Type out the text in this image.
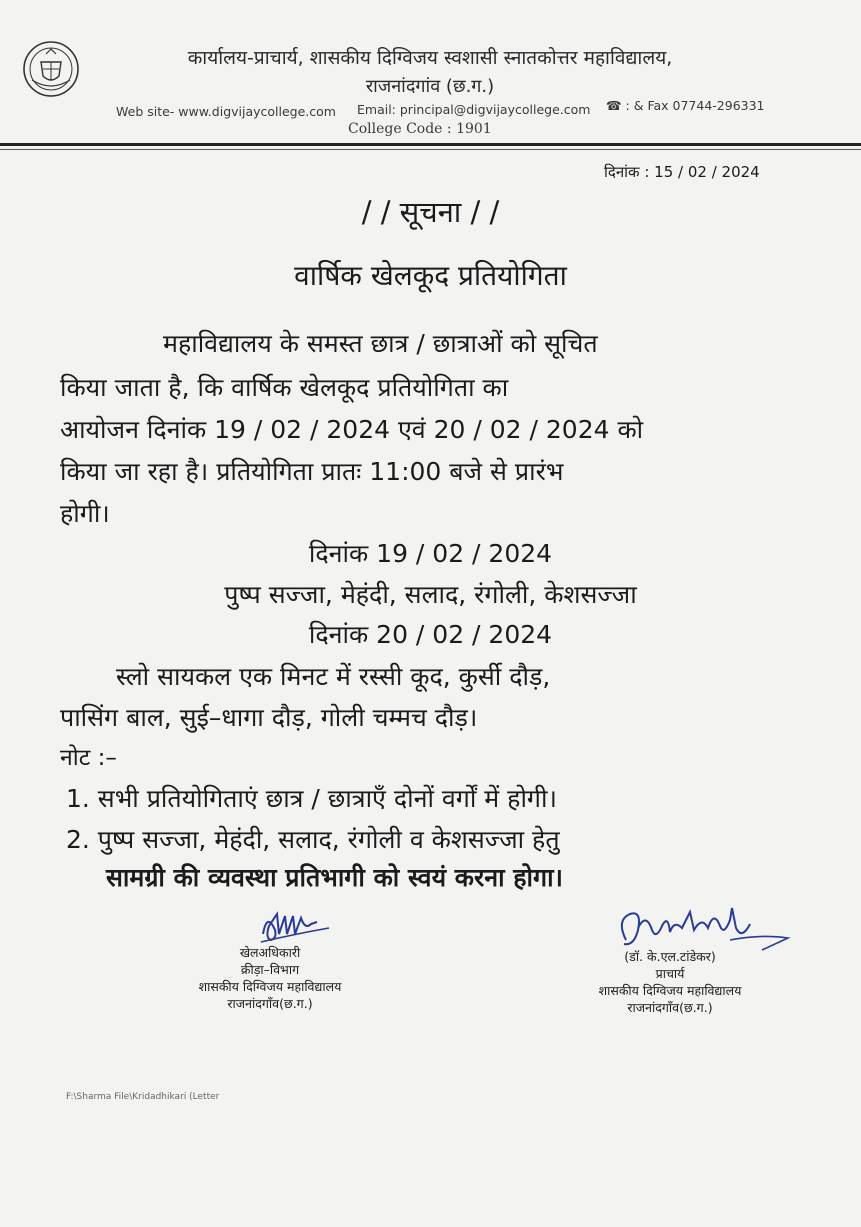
कार्यालय-प्राचार्य, शासकीय दिग्विजय स्वशासी स्नातकोत्तर महाविद्यालय,
राजनांदगांव (छ.ग.)
Web site- www.digvijaycollege.com Email: principal@digvijaycollege.com ☎ : & Fax 07744-296331
College Code : 1901
दिनांक : 15 / 02 / 2024
/ / सूचना / /
वार्षिक खेलकूद प्रतियोगिता
महाविद्यालय के समस्त छात्र / छात्राओं को सूचित
किया जाता है, कि वार्षिक खेलकूद प्रतियोगिता का
आयोजन दिनांक 19 / 02 / 2024 एवं 20 / 02 / 2024 को
किया जा रहा है। प्रतियोगिता प्रातः 11:00 बजे से प्रारंभ
होगी।
दिनांक 19 / 02 / 2024
पुष्प सज्जा, मेहंदी, सलाद, रंगोली, केशसज्जा
दिनांक 20 / 02 / 2024
स्लो सायकल एक मिनट में रस्सी कूद, कुर्सी दौड़,
पासिंग बाल, सुई–धागा दौड़, गोली चम्मच दौड़।
नोट :–
1. सभी प्रतियोगिताएं छात्र / छात्राएँ दोनों वर्गों में होगी।
2. पुष्प सज्जा, मेहंदी, सलाद, रंगोली व केशसज्जा हेतु
सामग्री की व्यवस्था प्रतिभागी को स्वयं करना होगा।
खेलअधिकारी
क्रीड़ा–विभाग
शासकीय दिग्विजय महाविद्यालय
राजनांदगाँव(छ.ग.)
(डॉ. के.एल.टांडेकर)
प्राचार्य
शासकीय दिग्विजय महाविद्यालय
राजनांदगाँव(छ.ग.)
F:\Sharma File\Kridadhikari (Letter
